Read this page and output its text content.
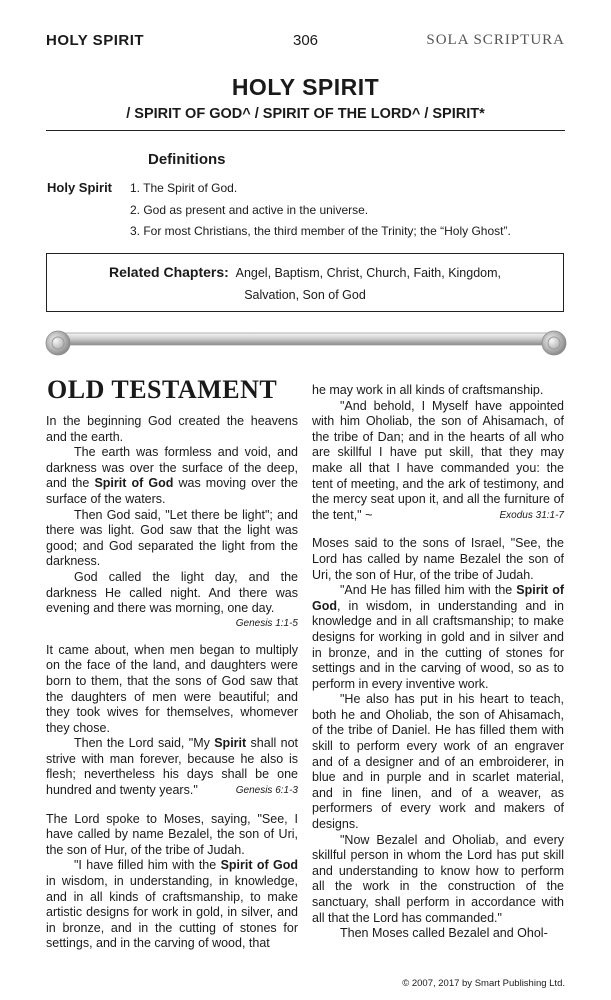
HOLY SPIRIT	306	SOLA SCRIPTURA
HOLY SPIRIT
/ SPIRIT OF GOD^ / SPIRIT OF THE LORD^ / SPIRIT*
Definitions
Holy Spirit 1. The Spirit of God.
2. God as present and active in the universe.
3. For most Christians, the third member of the Trinity; the “Holy Ghost”.
Related Chapters: Angel, Baptism, Christ, Church, Faith, Kingdom,
Salvation, Son of God
OLD TESTAMENT

In the beginning God created the heavens and the earth.

The earth was formless and void, and darkness was over the surface of the deep, and the Spirit of God was moving over the surface of the waters.

Then God said, "Let there be light"; and there was light. God saw that the light was good; and God separated the light from the darkness.

God called the light day, and the darkness He called night. And there was evening and there was morning, one day.

Genesis 1:1-5

It came about, when men began to multiply on the face of the land, and daughters were born to them, that the sons of God saw that the daughters of men were beautiful; and they took wives for themselves, whomever they chose.

Then the Lord said, "My Spirit shall not strive with man forever, because he also is flesh; nevertheless his days shall be one hundred and twenty years."	Genesis 6:1-3

The Lord spoke to Moses, saying, "See, I have called by name Bezalel, the son of Uri, the son of Hur, of the tribe of Judah.

"I have filled him with the Spirit of God in wisdom, in understanding, in knowledge, and in all kinds of craftsmanship, to make artistic designs for work in gold, in silver, and in bronze, and in the cutting of stones for settings, and in the carving of wood, that

he may work in all kinds of craftsmanship.

"And behold, I Myself have appointed with him Oholiab, the son of Ahisamach, of the tribe of Dan; and in the hearts of all who are skillful I have put skill, that they may make all that I have commanded you: the tent of meeting, and the ark of testimony, and the mercy seat upon it, and all the furniture of the tent," ~	Exodus 31:1-7

Moses said to the sons of Israel, "See, the Lord has called by name Bezalel the son of Uri, the son of Hur, of the tribe of Judah.

"And He has filled him with the Spirit of God, in wisdom, in understanding and in knowledge and in all craftsmanship; to make designs for working in gold and in silver and in bronze, and in the cutting of stones for settings and in the carving of wood, so as to perform in every inventive work.

"He also has put in his heart to teach, both he and Oholiab, the son of Ahisamach, of the tribe of Daniel. He has filled them with skill to perform every work of an engraver and of a designer and of an embroiderer, in blue and in purple and in scarlet material, and in fine linen, and of a weaver, as performers of every work and makers of designs.

"Now Bezalel and Oholiab, and every skillful person in whom the Lord has put skill and understanding to know how to perform all the work in the construction of the sanctuary, shall perform in accordance with all that the Lord has commanded."

Then Moses called Bezalel and Ohol-

© 2007, 2017 by Smart Publishing Ltd.
